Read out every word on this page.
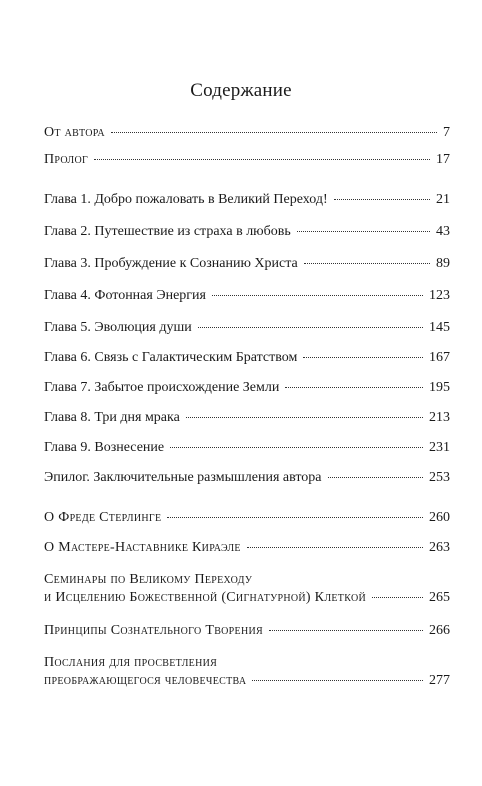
Содержание
От автора	7
Пролог	17
Глава 1. Добро пожаловать в Великий Переход!	21
Глава 2. Путешествие из страха в любовь	43
Глава 3. Пробуждение к Сознанию Христа	89
Глава 4. Фотонная Энергия	123
Глава 5. Эволюция души	145
Глава 6. Связь с Галактическим Братством	167
Глава 7. Забытое происхождение Земли	195
Глава 8. Три дня мрака	213
Глава 9. Вознесение	231
Эпилог. Заключительные размышления автора	253
О Фреде Стерлинге	260
О Мастере-Наставнике Кираэле	263
Семинары по Великому Переходу
и Исцелению Божественной (Сигнатурной) Клеткой	265
Принципы Сознательного Творения	266
Послания для просветления
преображающегося человечества	277
